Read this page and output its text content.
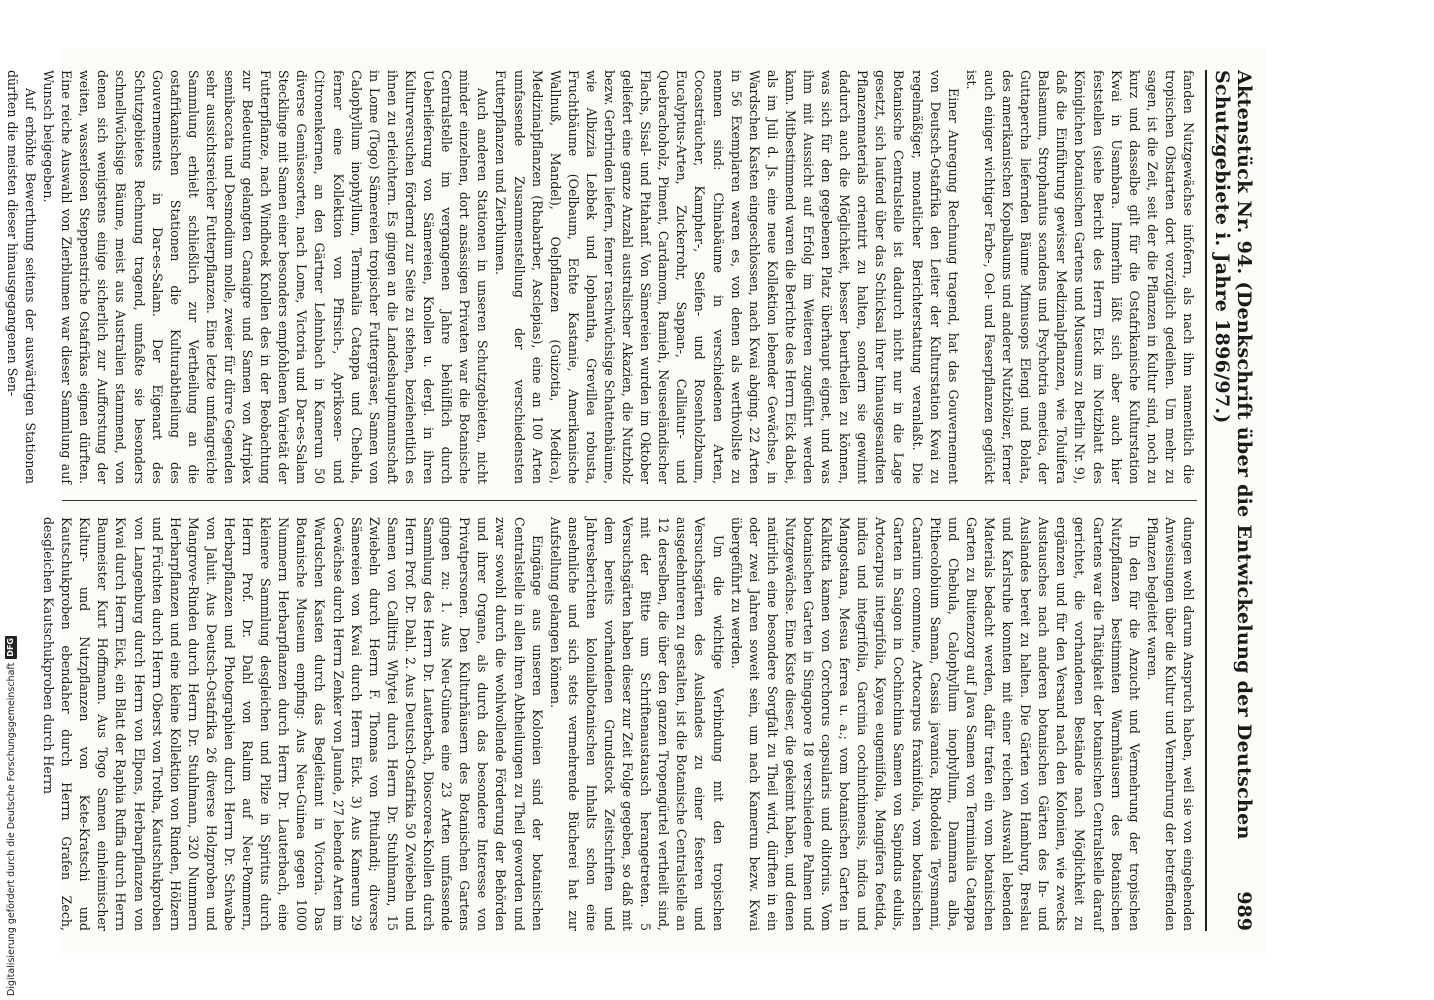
Aktenstück Nr. 94. (Denkschrift über die Entwickelung der Deutschen Schutzgebiete i. Jahre 1896/97.)
989

fanden Nutzgewächse infofern, als nach ihm namentlich die tropischen Obstarten dort vorzüglich gedeihen. Um mehr zu sagen, ist die Zeit, seit der die Pflanzen in Kultur sind, noch zu kurz und dasselbe gilt für die Ostafrikanische Kulturstation Kwai in Usambara. Immerhin läßt sich aber auch hier feststellen (siehe Bericht des Herrn Eick im Notizblatt des Königlichen botanischen Gartens und Museums zu Berlin Nr. 9), daß die Einführung gewisser Medizinalpflanzen, wie Toluifera Balsamum, Strophantus scandens und Psychotria emetica, der Guttapercha liefernden Bäume Mimusops Elengi und Bolata, des amerikanischen Kopalbaums und anderer Nutzhölzer, ferner auch einiger wichtiger Farbe-, Oel- und Faserpflanzen geglückt ist.

Einer Anregung Rechnung tragend, hat das Gouvernement von Deutsch-Ostafrika den Leiter der Kulturstation Kwai zu regelmäßiger, monatlicher Berichterstattung veranlaßt. Die Botanische Centralstelle ist dadurch nicht nur in die Lage gesetzt, sich laufend über das Schicksal ihrer hinausgesandten Pflanzenmaterials orientirt zu halten, sondern sie gewinnt dadurch auch die Möglichkeit, besser beurtheilen zu können, was sich für den gegebenen Platz überhaupt eignet, und was ihm mit Aussicht auf Erfolg im Weiteren zugeführt werden kann. Mitbestimmend waren die Berichte des Herrn Eick dabei, als im Juli d. Js. eine neue Kollektion lebender Gewächse, in Wardschen Kasten eingeschlossen, nach Kwai abging. 22 Arten in 56 Exemplaren waren es, von denen als werthvollste zu nennen sind: Chinabäume in verschiedenen Arten, Cocasträucher, Kampher-, Seifen- und Rosenholzbaum, Eucalyptus-Arten, Zuckerrohr, Sappan-, Calliatur- und Quebrachoholz, Piment, Cardamom, Ramieh, Neuseeländischer Flachs, Sisal- und Pitahanf. Von Sämereien wurden im Oktober geliefert eine ganze Anzahl australischer Akazien, die Nutzholz bezw. Gerbrinden liefern, ferner raschwüchsige Schattenbäume, wie Albizzia Lebbek und lophantha, Grevillea robusta, Fruchtbäume (Oelbaum, Echte Kastanie, Amerikanische Wallnuß, Mandel), Oelpflanzen (Guizotia, Medica), Medizinalpflanzen (Rhabarber, Asclepias), eine an 100 Arten umfassende Zusammenstellung der verschiedensten Futterpflanzen und Zierblumen.

Auch anderen Stationen in unseren Schutzgebieten, nicht minder einzelnen, dort ansässigen Privaten war die Botanische Centralstelle im vergangenen Jahre behülflich durch Ueberlieferung von Sämereien, Knollen u. dergl. in ihren Kulturversuchen fördernd zur Seite zu stehen, beziehentlich es ihnen zu erleichtern. Es gingen an die Landeshauptmannschaft in Lome (Togo) Sämereien tropischer Futtergräser, Samen von Calophyllum inophyllum, Terminalia Catappa und Chebula, ferner eine Kollektion von Pfirsich-, Aprikosen- und Citronenkernen, an den Gärtner Lehmbach in Kamerun 50 diverse Gemüsesorten, nach Lome, Victoria und Dar-es-Salam Stecklinge mit Samen einer besonders empfohlenen Varietät der Futterpflanze, nach Windhoek Knollen des in der Beobachtung zur Bedeutung gelangten Canaigre und Samen von Atriplex semibaccata und Desmodium molle, zweier für dürre Gegenden sehr aussichtsreicher Futterpflanzen. Eine letzte umfangreiche Sammlung erhielt schließlich zur Vertheilung an die ostafrikanischen Stationen die Kulturabtheilung des Gouvernements in Dar-es-Salam. Der Eigenart des Schutzgebietes Rechnung tragend, umfaßte sie besonders schnellwüchsige Bäume, meist aus Australien stammend, von denen sich wenigstens einige sicherlich zur Aufforstung der weiten, wasserlosen Steppenstriche Ostafrikas eignen dürften. Eine reiche Auswahl von Zierblumen war dieser Sammlung auf Wunsch beigegeben.

Auf erhöhte Bewerthung seitens der auswärtigen Stationen dürften die meisten dieser hinausgegangenen Sen-

dungen wohl darum Anspruch haben, weil sie von eingehenden Anweisungen über die Kultur und Vermehrung der betreffenden Pflanzen begleitet waren.

In den für die Anzucht und Vermehrung der tropischen Nutzpflanzen bestimmten Warmhäusern des Botanischen Gartens war die Thätigkeit der botanischen Centralstelle darauf gerichtet, die vorhandenen Bestände nach Möglichkeit zu ergänzen und für den Versand nach den Kolonien, wie zwecks Austausches nach anderen botanischen Gärten des In- und Auslandes bereit zu halten. Die Gärten von Hamburg, Breslau und Karlsruhe konnten mit einer reichen Auswahl lebenden Materials bedacht werden, dafür trafen ein vom botanischen Garten zu Buitenzorg auf Java Samen von Terminalia Catappa und Chebula, Calophyllum inophyllum, Dammara alba, Pithecolobium Saman, Cassia javanica, Rhodoleia Teysmanni, Canarium commune, Artocarpus fraxinifolia, vom botanischen Garten in Saigon in Cochinchina Samen von Sapindus edulis, Artocarpus integrifolia, Kayea eugeniifolia, Mangifera foetida, indica und integrifolia, Garcinia cochinchinensis, indica und Mangostana, Mesua ferrea u. a.; vom botanischen Garten in Kalkutta kamen von Corchorus capsularis und olitorius. Vom botanischen Garten in Singapore 18 verschiedene Palmen und Nutzgewächse. Eine Kiste dieser, die gekeimt haben, und denen natürlich eine besondere Sorgfalt zu Theil wird, dürften in ein oder zwei Jahren soweit sein, um nach Kamerun bezw. Kwai übergeführt zu werden.

Um die wichtige Verbindung mit den tropischen Versuchsgärten des Auslandes zu einer festeren und ausgedehnteren zu gestalten, ist die Botanische Centralstelle an 12 derselben, die über den ganzen Tropengürtel vertheilt sind, mit der Bitte um Schriftenaustausch herangetreten. 5 Versuchsgärten haben dieser zur Zeit Folge gegeben, so daß mit dem bereits vorhandenen Grundstock Zeitschriften und Jahresberichten kolonialbotanischen Inhalts schon eine ansehnliche und sich stets vermehrende Bücherei hat zur Aufstellung gelangen können.

Eingänge aus unseren Kolonien sind der botanischen Centralstelle in allen ihren Abtheilungen zu Theil geworden und zwar sowohl durch die wohlwollende Förderung der Behörden und ihrer Organe, als durch das besondere Interesse von Privatpersonen. Den Kulturhäusern des Botanischen Gartens gingen zu: 1. Aus Neu-Guinea eine 23 Arten umfassende Sammlung des Herrn Dr. Lauterbach, Dioscorea-Knollen durch Herrn Prof. Dr. Dahl. 2. Aus Deutsch-Ostafrika 50 Zwiebeln und Samen von Callitris Whytei durch Herrn Dr. Stuhlmann, 15 Zwiebeln durch Herrn F. Thomas von Pitulandi; diverse Sämereien von Kwai durch Herrn Eick. 3) Aus Kamerun 29 Gewächse durch Herrn Zenker von Jaunde, 27 lebende Arten im Wardschen Kasten durch das Begleitamt in Victoria. Das Botanische Museum empfing: Aus Neu-Guinea gegen 1000 Nummern Herbarpflanzen durch Herrn Dr. Lauterbach, eine kleinere Sammlung desgleichen und Pilze in Spiritus durch Herrn Prof. Dr. Dahl von Ralum auf Neu-Pommern, Herbarpflanzen und Photographien durch Herrn Dr. Schwabe von Jaluit. Aus Deutsch-Ostafrika 26 diverse Holzproben und Mangrove-Rinden durch Herrn Dr. Stuhlmann, 320 Nummern Herbarpflanzen und eine kleine Kollektion von Rinden, Hölzern und Früchten durch Herrn Oberst von Trotha, Kautschukproben von Langenburg durch Herrn von Elpons, Herbarpflanzen von Kwai durch Herrn Eick, ein Blatt der Raphia Ruffia durch Herrn Baumeister Kurt Hoffmann. Aus Togo Samen einheimischer Kultur- und Nutzpflanzen von Kete-Kratschi und Kautschukproben ebendaher durch Herrn Grafen Zech, desgleichen Kautschukproben durch Herrn

Digitalisierung gefördert durch die Deutsche Forschungsgemeinschaft
DFG
